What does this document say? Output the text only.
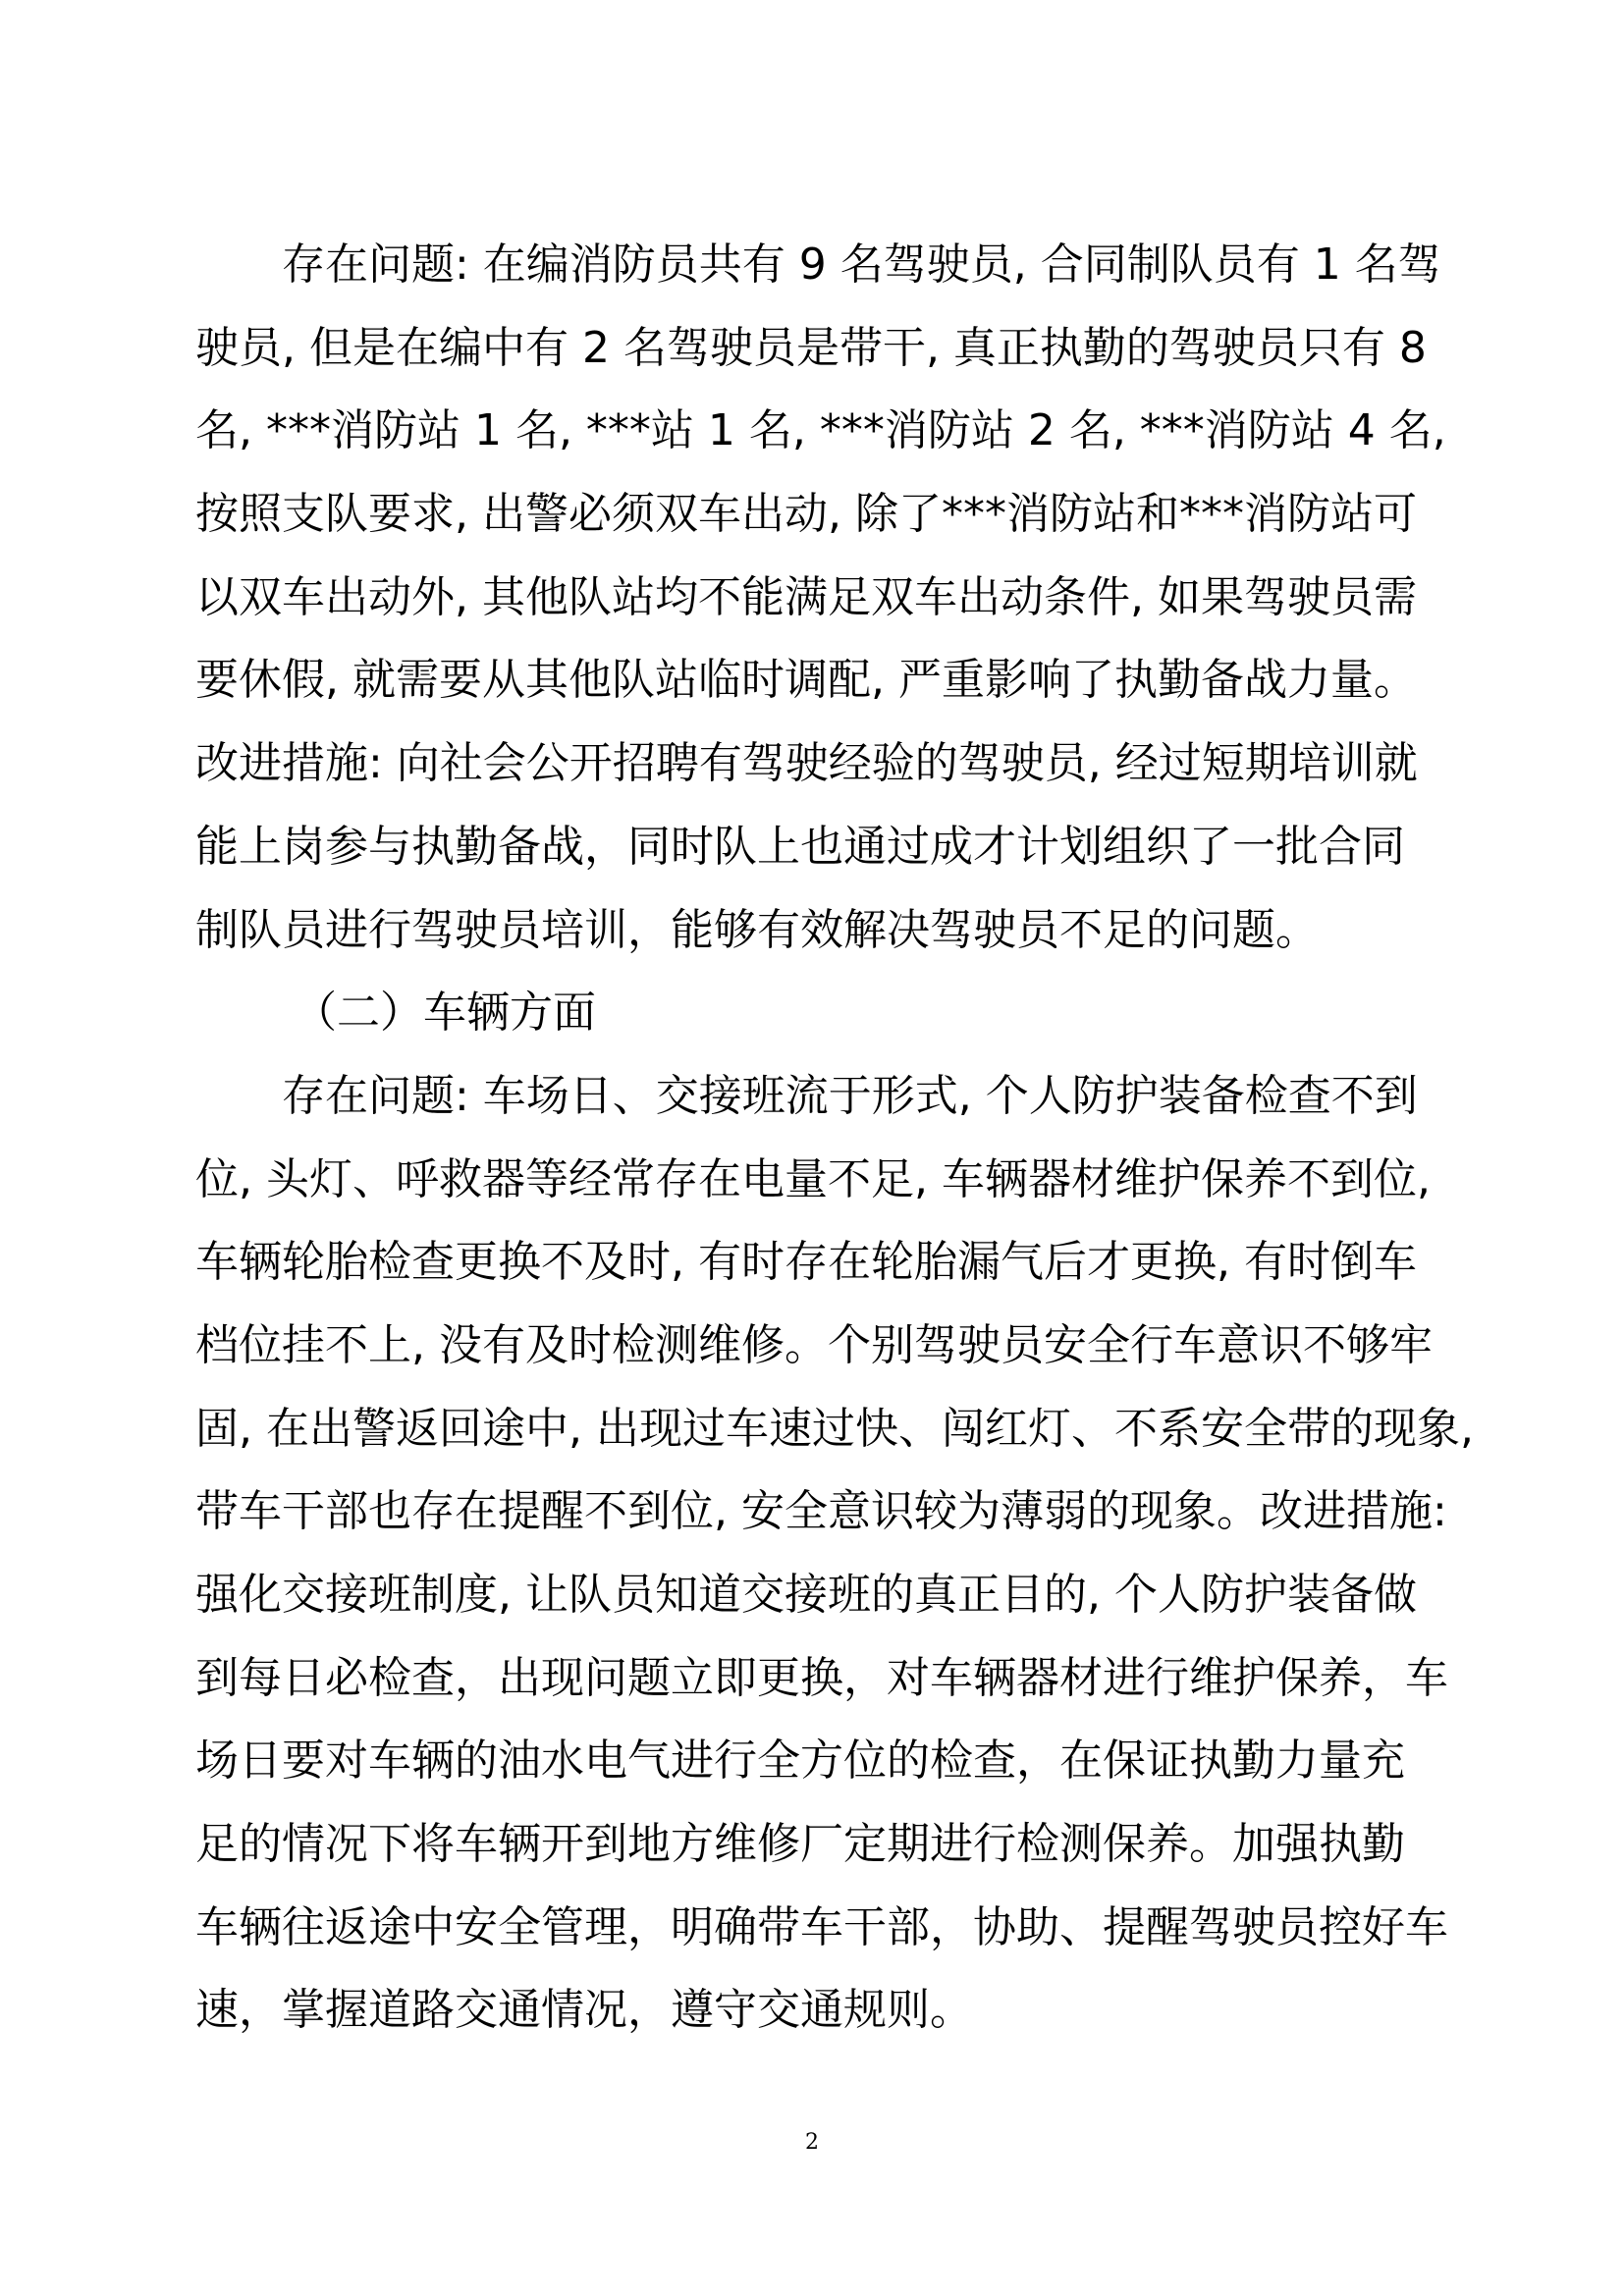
存在问题: 在编消防员共有 9 名驾驶员, 合同制队员有 1 名驾
驶员, 但是在编中有 2 名驾驶员是带干, 真正执勤的驾驶员只有 8
名, ***消防站 1 名, ***站 1 名, ***消防站 2 名, ***消防站 4 名,
按照支队要求, 出警必须双车出动, 除了***消防站和***消防站可
以双车出动外, 其他队站均不能满足双车出动条件, 如果驾驶员需
要休假, 就需要从其他队站临时调配, 严重影响了执勤备战力量。
改进措施: 向社会公开招聘有驾驶经验的驾驶员, 经过短期培训就
能上岗参与执勤备战，同时队上也通过成才计划组织了一批合同
制队员进行驾驶员培训，能够有效解决驾驶员不足的问题。
（二）车辆方面
存在问题: 车场日、交接班流于形式, 个人防护装备检查不到
位, 头灯、呼救器等经常存在电量不足, 车辆器材维护保养不到位,
车辆轮胎检查更换不及时, 有时存在轮胎漏气后才更换, 有时倒车
档位挂不上, 没有及时检测维修。个别驾驶员安全行车意识不够牢
固, 在出警返回途中, 出现过车速过快、闯红灯、不系安全带的现象,
带车干部也存在提醒不到位, 安全意识较为薄弱的现象。改进措施:
强化交接班制度, 让队员知道交接班的真正目的, 个人防护装备做
到每日必检查，出现问题立即更换，对车辆器材进行维护保养，车
场日要对车辆的油水电气进行全方位的检查，在保证执勤力量充
足的情况下将车辆开到地方维修厂定期进行检测保养。加强执勤
车辆往返途中安全管理，明确带车干部，协助、提醒驾驶员控好车
速，掌握道路交通情况，遵守交通规则。
2
